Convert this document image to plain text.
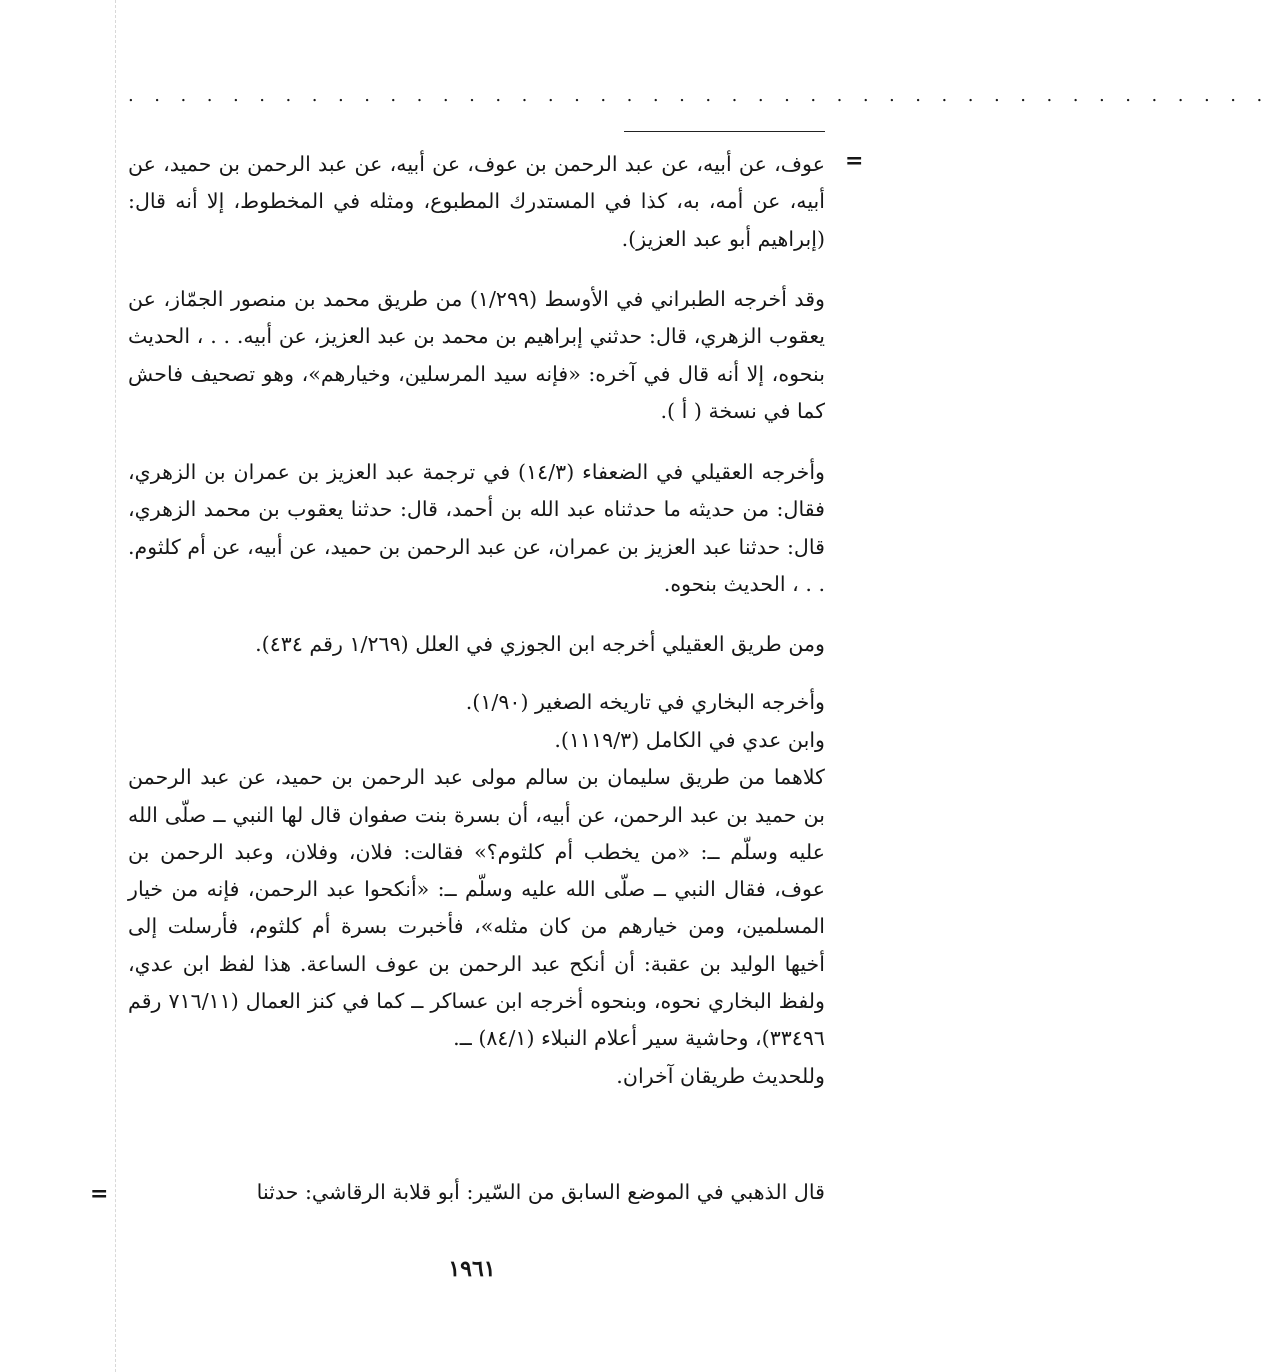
. . . . . . . . . . . . . . . . . . . . . . . . . . . . . . . . . . . . . . . . . . . .
=

عوف، عن أبيه، عن عبد الرحمن بن عوف، عن أبيه، عن عبد الرحمن بن حميد، عن أبيه، عن أمه، به، كذا في المستدرك المطبوع، ومثله في المخطوط، إلا أنه قال: (إبراهيم أبو عبد العزيز).

وقد أخرجه الطبراني في الأوسط (١/٢٩٩) من طريق محمد بن منصور الجمّاز، عن يعقوب الزهري، قال: حدثني إبراهيم بن محمد بن عبد العزيز، عن أبيه. . . ، الحديث بنحوه، إلا أنه قال في آخره: «فإنه سيد المرسلين، وخيارهم»، وهو تصحيف فاحش كما في نسخة ( أ ).

وأخرجه العقيلي في الضعفاء (١٤/٣) في ترجمة عبد العزيز بن عمران بن الزهري، فقال: من حديثه ما حدثناه عبد الله بن أحمد، قال: حدثنا يعقوب بن محمد الزهري، قال: حدثنا عبد العزيز بن عمران، عن عبد الرحمن بن حميد، عن أبيه، عن أم كلثوم. . . ، الحديث بنحوه.

ومن طريق العقيلي أخرجه ابن الجوزي في العلل (١/٢٦٩ رقم ٤٣٤).

وأخرجه البخاري في تاريخه الصغير (١/٩٠).

وابن عدي في الكامل (١١١٩/٣).

كلاهما من طريق سليمان بن سالم مولى عبد الرحمن بن حميد، عن عبد الرحمن بن حميد بن عبد الرحمن، عن أبيه، أن بسرة بنت صفوان قال لها النبي ــ صلّى الله عليه وسلّم ــ: «من يخطب أم كلثوم؟» فقالت: فلان، وفلان، وعبد الرحمن بن عوف، فقال النبي ــ صلّى الله عليه وسلّم ــ: «أنكحوا عبد الرحمن، فإنه من خيار المسلمين، ومن خيارهم من كان مثله»، فأخبرت بسرة أم كلثوم، فأرسلت إلى أخيها الوليد بن عقبة: أن أنكح عبد الرحمن بن عوف الساعة. هذا لفظ ابن عدي، ولفظ البخاري نحوه، وبنحوه أخرجه ابن عساكر ــ كما في كنز العمال (٧١٦/١١ رقم ٣٣٤٩٦)، وحاشية سير أعلام النبلاء (٨٤/١) ــ.

وللحديث طريقان آخران.

قال الذهبي في الموضع السابق من السّير: أبو قلابة الرقاشي: حدثنا

=
١٩٦١
